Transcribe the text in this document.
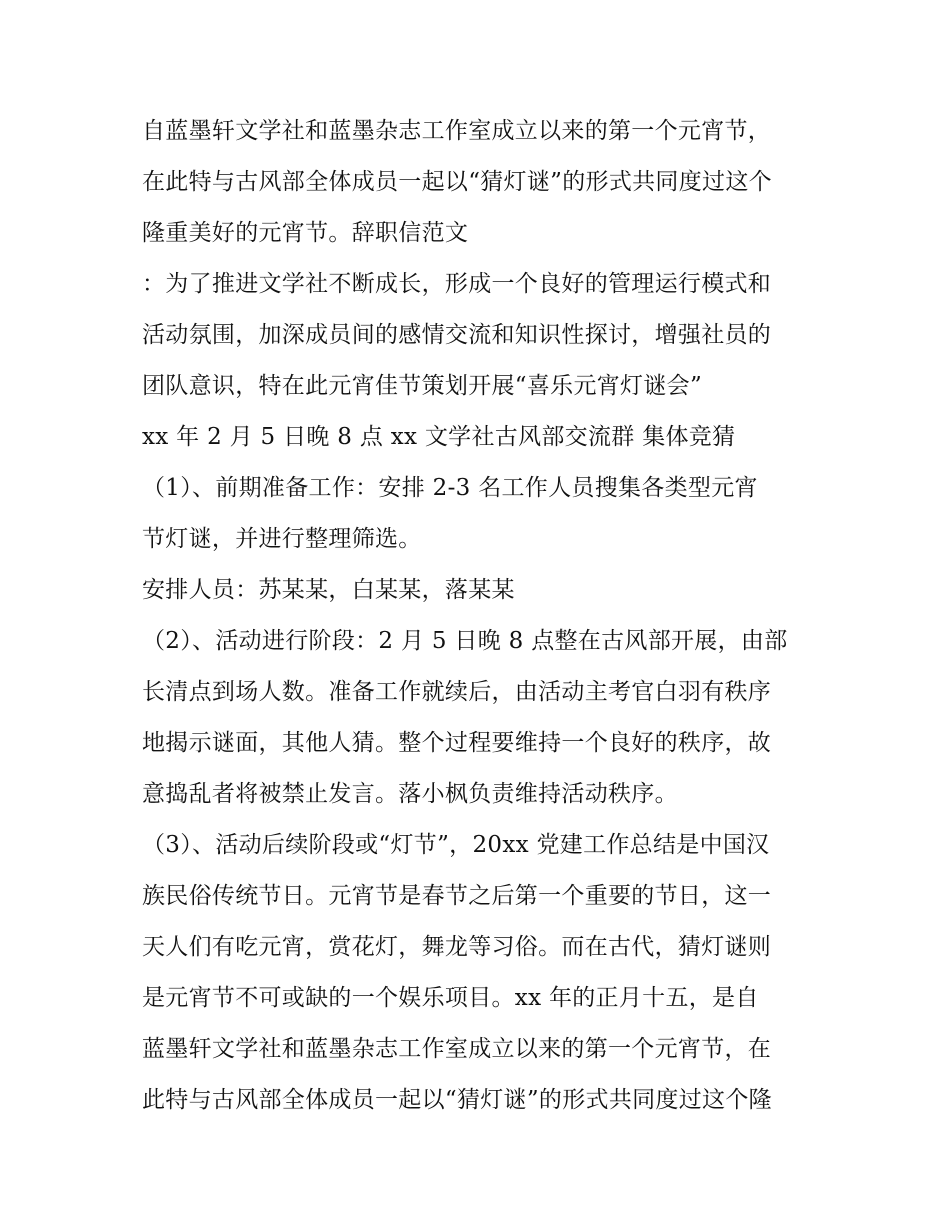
自蓝墨轩文学社和蓝墨杂志工作室成立以来的第一个元宵节，
在此特与古风部全体成员一起以“猜灯谜”的形式共同度过这个
隆重美好的元宵节。辞职信范文
：为了推进文学社不断成长，形成一个良好的管理运行模式和
活动氛围，加深成员间的感情交流和知识性探讨，增强社员的
团队意识，特在此元宵佳节策划开展“喜乐元宵灯谜会”
xx 年 2 月 5 日晚 8 点 xx 文学社古风部交流群 集体竞猜
（1）、前期准备工作：安排 2-3 名工作人员搜集各类型元宵
节灯谜，并进行整理筛选。
安排人员：苏某某，白某某，落某某
（2）、活动进行阶段：2 月 5 日晚 8 点整在古风部开展，由部
长清点到场人数。准备工作就续后，由活动主考官白羽有秩序
地揭示谜面，其他人猜。整个过程要维持一个良好的秩序，故
意捣乱者将被禁止发言。落小枫负责维持活动秩序。
（3）、活动后续阶段或“灯节”，20xx 党建工作总结是中国汉
族民俗传统节日。元宵节是春节之后第一个重要的节日，这一
天人们有吃元宵，赏花灯，舞龙等习俗。而在古代，猜灯谜则
是元宵节不可或缺的一个娱乐项目。xx 年的正月十五，是自
蓝墨轩文学社和蓝墨杂志工作室成立以来的第一个元宵节，在
此特与古风部全体成员一起以“猜灯谜”的形式共同度过这个隆
